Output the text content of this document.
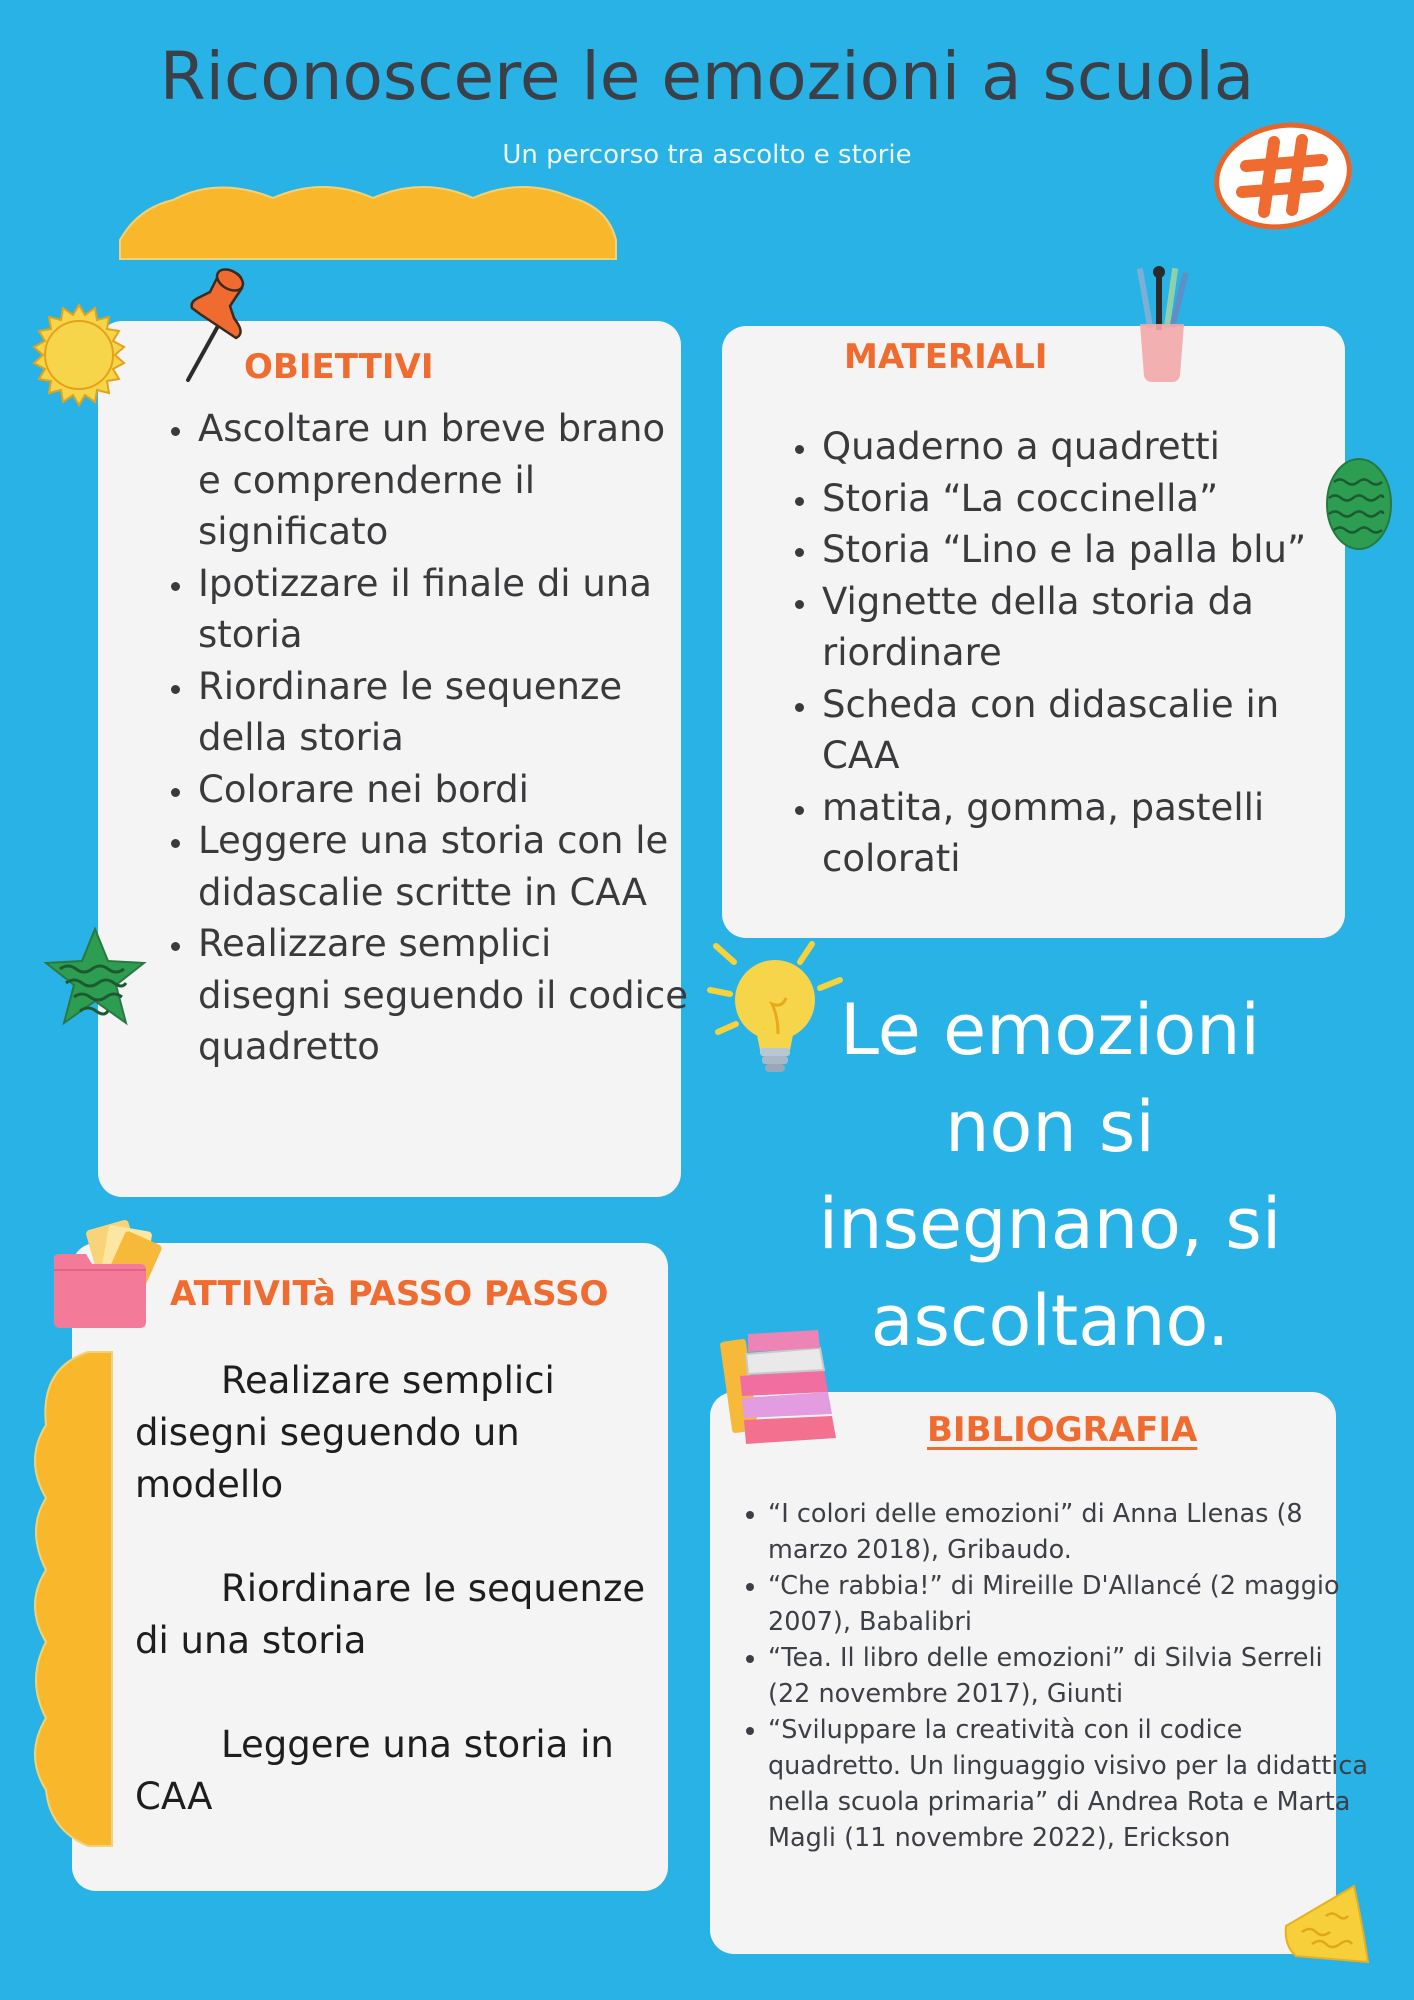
Riconoscere le emozioni a scuola
Un percorso tra ascolto e storie
OBIETTIVI
• Ascoltare un breve brano e comprenderne il significato
• Ipotizzare il finale di una storia
• Riordinare le sequenze della storia
• Colorare nei bordi
• Leggere una storia con le didascalie scritte in CAA
• Realizzare semplici disegni seguendo il codice quadretto
MATERIALI
• Quaderno a quadretti
• Storia “La coccinella”
• Storia “Lino e la palla blu”
• Vignette della storia da riordinare
• Scheda con didascalie in CAA
• matita, gomma, pastelli colorati
Le emozioni non si insegnano, si ascoltano.
ATTIVITà PASSO PASSO

Realizare semplici disegni seguendo un modello

Riordinare le sequenze di una storia

Leggere una storia in CAA

BIBLIOGRAFIA
• “I colori delle emozioni” di Anna Llenas (8 marzo 2018), Gribaudo.
• “Che rabbia!” di Mireille D'Allancé (2 maggio 2007), Babalibri
• “Tea. Il libro delle emozioni” di Silvia Serreli (22 novembre 2017), Giunti
• “Sviluppare la creatività con il codice quadretto. Un linguaggio visivo per la didattica nella scuola primaria” di Andrea Rota e Marta Magli (11 novembre 2022), Erickson
